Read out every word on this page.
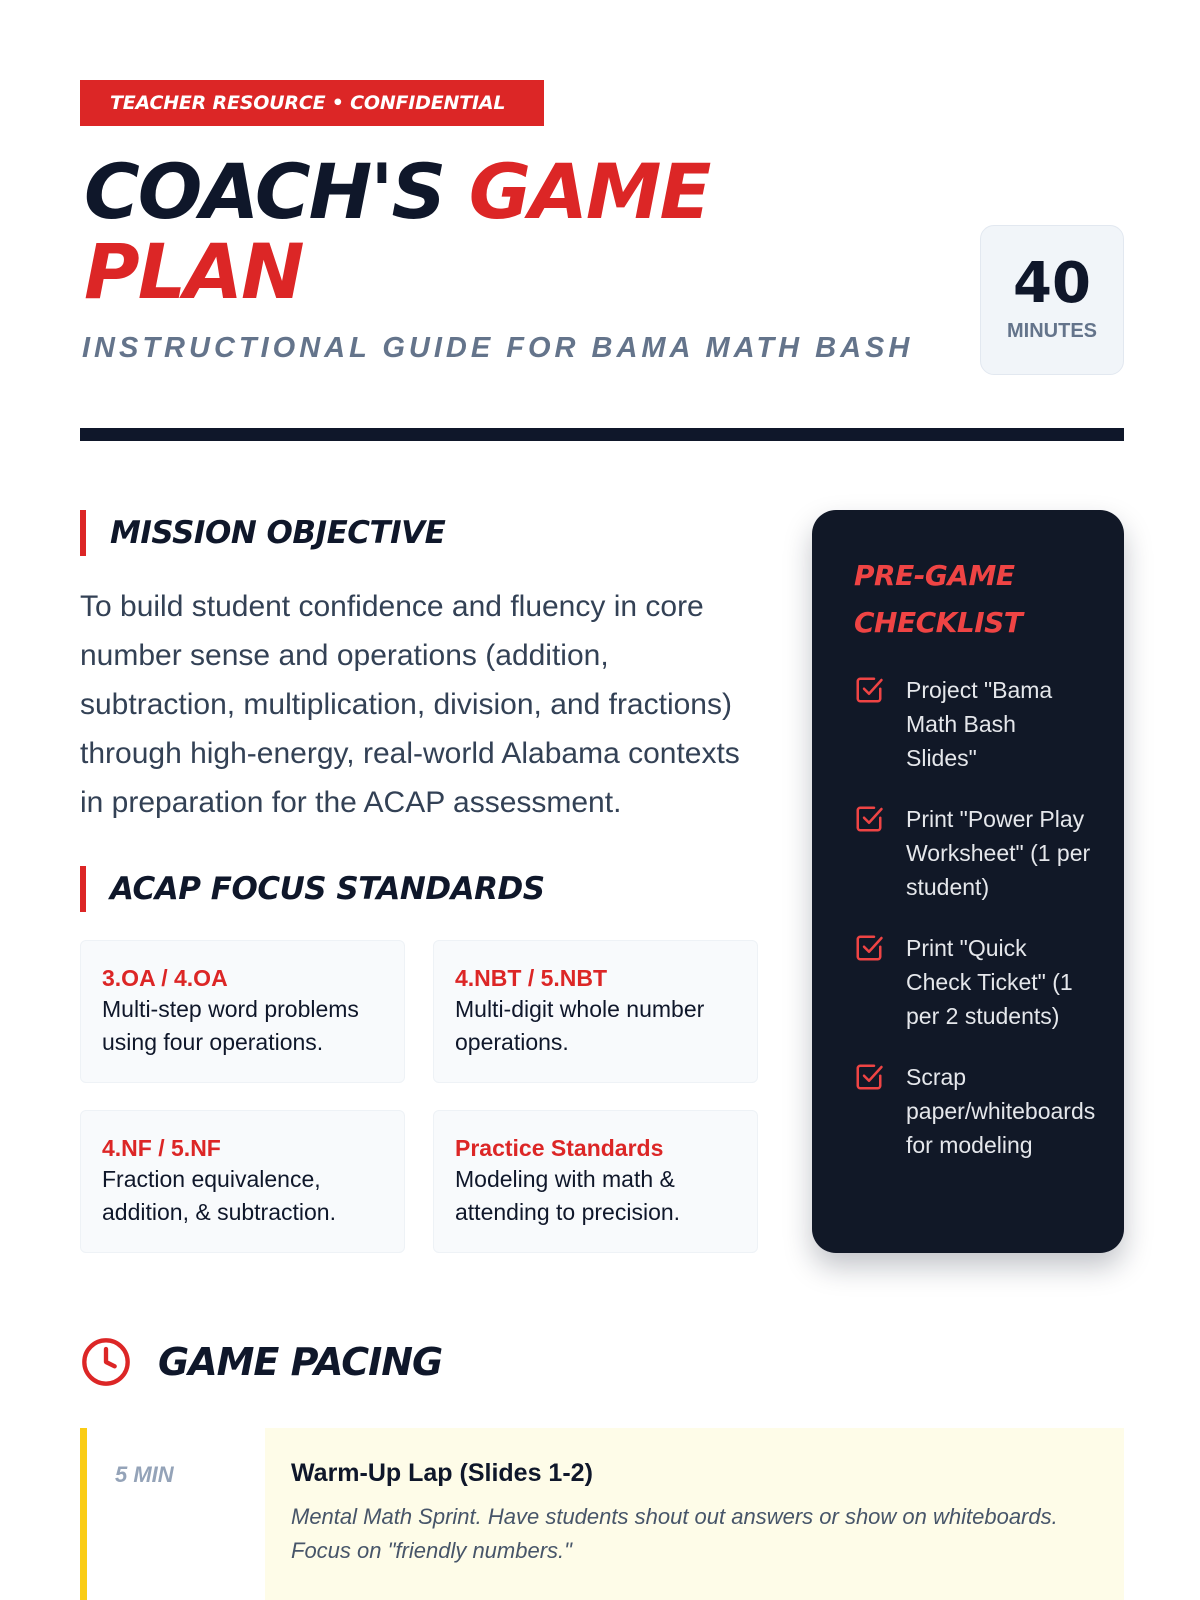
TEACHER RESOURCE • CONFIDENTIAL
COACH'S GAME
PLAN
INSTRUCTIONAL GUIDE FOR BAMA MATH BASH
40
MINUTES
MISSION OBJECTIVE

To build student confidence and fluency in core number sense and operations (addition, subtraction, multiplication, division, and fractions) through high-energy, real-world Alabama contexts in preparation for the ACAP assessment.

ACAP FOCUS STANDARDS
3.OA / 4.OA
Multi-step word problems using four operations.
4.NBT / 5.NBT
Multi-digit whole number operations.
4.NF / 5.NF
Fraction equivalence, addition, & subtraction.
Practice Standards
Modeling with math & attending to precision.
PRE-GAME
CHECKLIST
Project "Bama Math Bash Slides"
Print "Power Play Worksheet" (1 per student)
Print "Quick Check Ticket" (1 per 2 students)
Scrap paper/whiteboards for modeling
GAME PACING
5 MIN	Warm-Up Lap (Slides 1-2)
Mental Math Sprint. Have students shout out answers or show on whiteboards. Focus on "friendly numbers."
